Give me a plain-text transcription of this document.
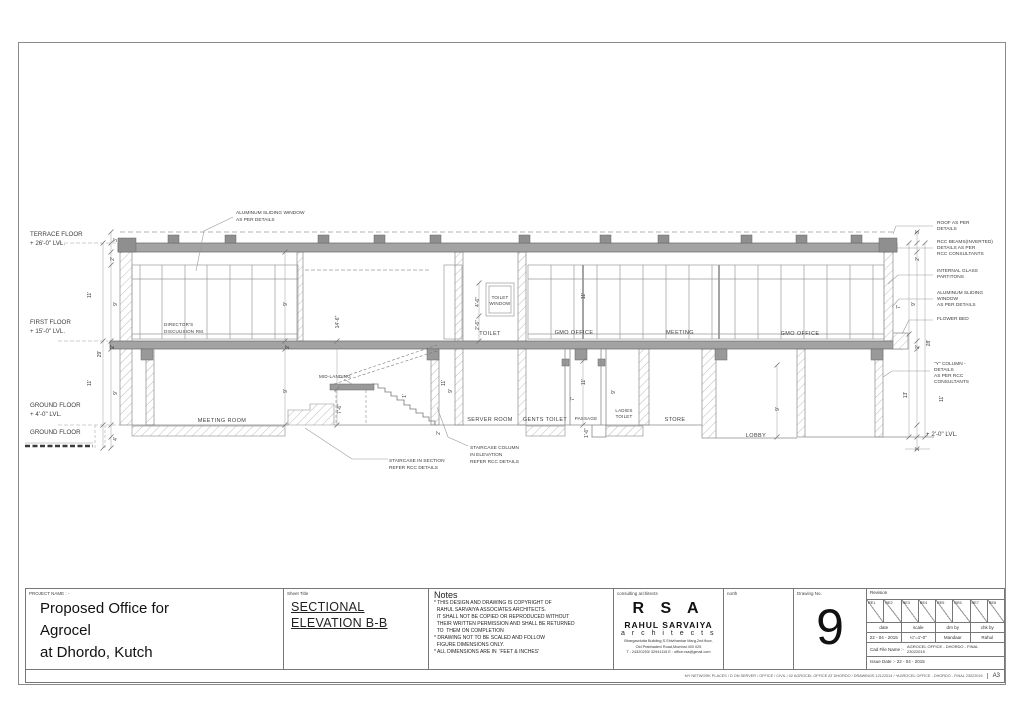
TERRACE FLOOR
+ 26'-0" LVL.
FIRST FLOOR
+ 15'-0" LVL.
GROUND FLOOR
+ 4'-0" LVL.
GROUND FLOOR	+ 2'-0" LVL.
ALUMINUM SLIDING WINDOW
AS PER DETAILS
ROOF AS PER
DETAILS
RCC BEAMS(INVERTED)
DETAILS AS PER
RCC CONSULTANTS
INTERNAL GLASS
PARTITONS
ALUMINUM SLIDING
WINDOW
AS PER DETAILS
FLOWER BED
"Y" COLUMN -
DETAILS
AS PER RCC
CONSULTANTS
STAIRCASE IN SECTION
REFER RCC DETAILS
STAIRCASE COLUMN
IN ELEVATION
REFER RCC DETAILS
DIRECTOR'S
DISCUUSION RM.
MEETING ROOM
MID-LANDING
TOILET
WINDOW
TOILET	GMO OFFICE	MEETING	GMO OFFICE
SERVER ROOM GENTS TOILET PASSAGE
LADIES
TOILET
STORE
LOBBY
3'
2'
11'
9'
2'
29'
11'
9'
4'
9'
14'-6"
2'
9'
7'-6"
1'
11'
9'
2'
4'-6"
2'-6"
11'
7'
11'
9'
1'-6"
9'
3'
2'
9'
7'
2'
28'
13'
11'
2'
PROJECT NAME : -
Proposed Office for
Agrocel
at Dhordo, Kutch
Sheet Title
SECTIONAL
ELEVATION B-B
Notes
* THIS DESIGN AND DRAWING IS COPYRIGHT OF
RAHUL SARVAIYA ASSOCIATES ARCHITECTS.
IT SHALL NOT BE COPIED OR REPRODUCED WITHOUT
THEIR WRITTEN PERMISSION AND SHALL BE RETURNED
TO  THEM ON COMPLETION
* DRAWING NOT TO BE SCALED AND FOLLOW
FIGURE DIMENSIONS ONLY.
* ALL DIMENSIONS ARE IN  'FEET & INCHES'
consulting architects
R S A
RAHUL SARVAIYA
a r c h i t e c t s
Bhargavdutta Building,S.Shivthankar Marg,2nd floor,
Old Prabhadevi Road,Mumbai 400 025
T : 24320253/ 32941115 E : office.rsa@gmail.com
north	Drawing No.
9
Revision
RE1	RE2	RE3	RE4	RE5	RE6	RE7	RE8
date	scale	drn by	chk by
22 - 04 - 2015	¼"=1'-0"	Mandaar	Rahul
Cad File Name :-
AGROCEL OFFICE - DHORDO - FINAL 23022015
Issue Date :- 22 - 04 - 2015
MY NETWORK PLACES / D ON SERVER / OFFICE / CIVIL / 02 AGROCEL OFFICE AT DHORDO / DRAWINGS 12122014 / *AGROCEL OFFICE - DHORDO - FINAL 23022015	A3
